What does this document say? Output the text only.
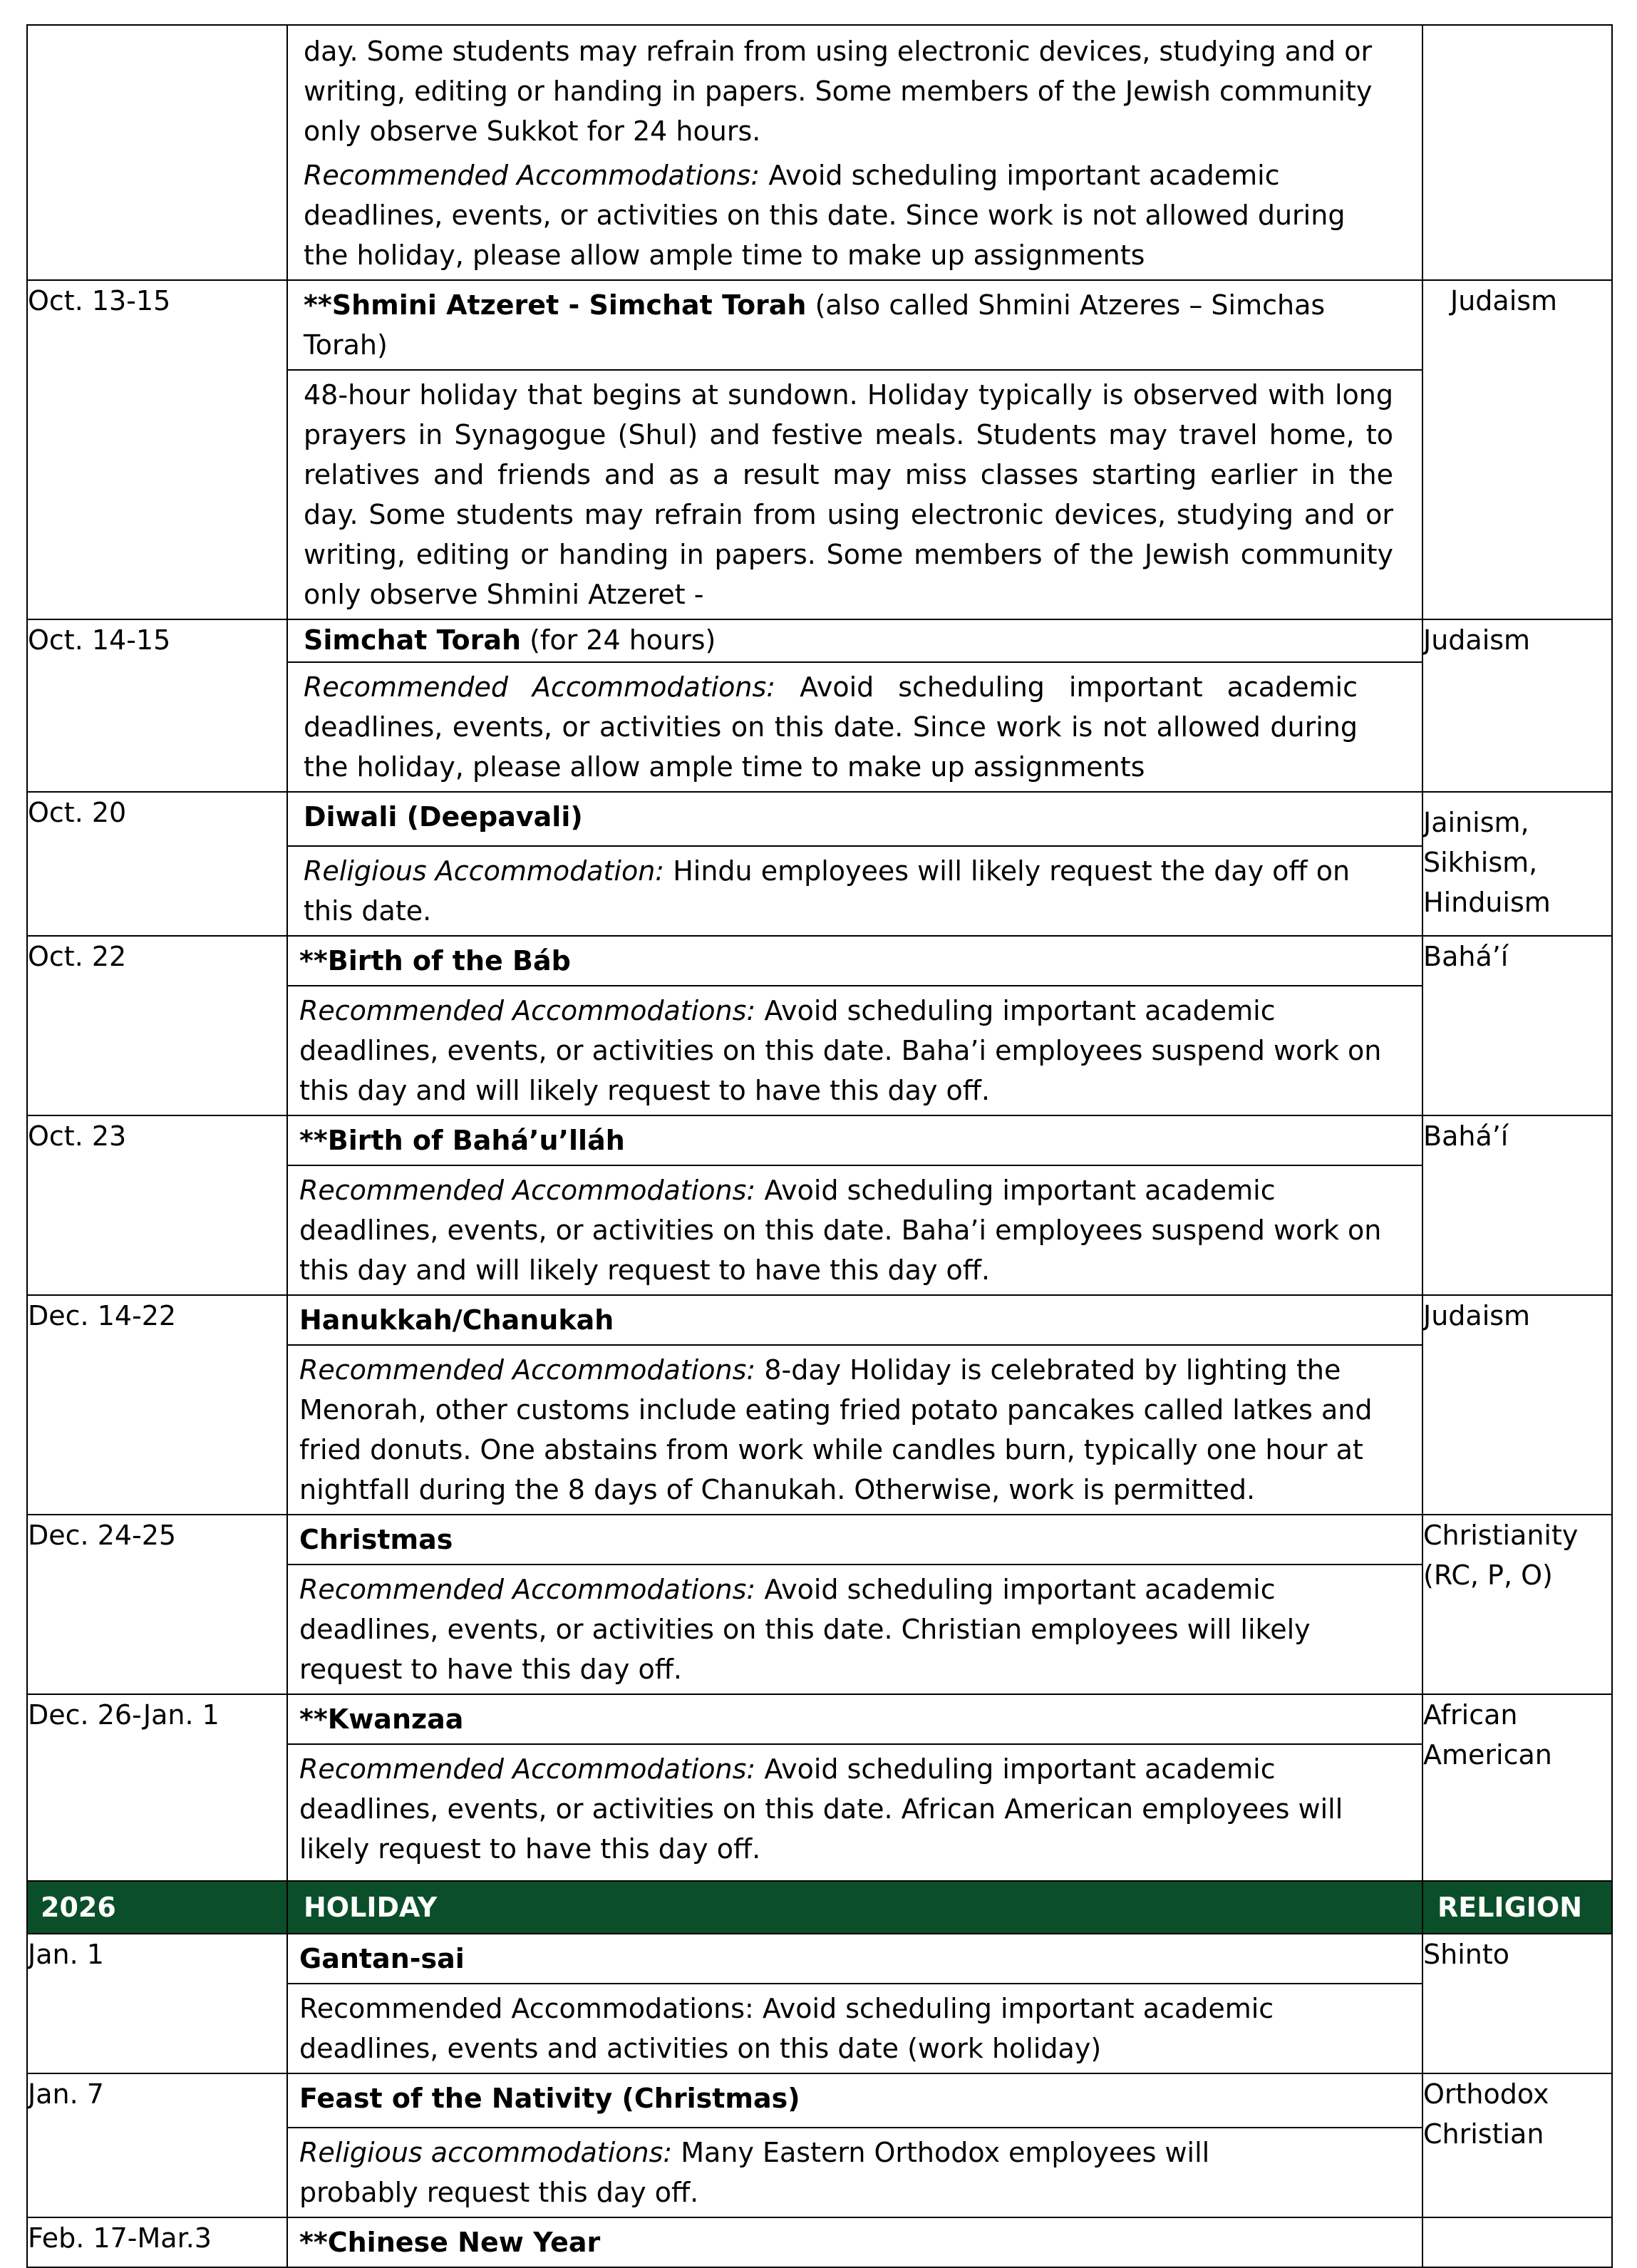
	day. Some students may refrain from using electronic devices, studying and or writing, editing or handing in papers. Some members of the Jewish community only observe Sukkot for 24 hours.

Recommended Accommodations: Avoid scheduling important academic deadlines, events, or activities on this date. Since work is not allowed during the holiday, please allow ample time to make up assignments	

Oct. 13-15	**Shmini Atzeret - Simchat Torah (also called Shmini Atzeres – Simchas Torah)
48-hour holiday that begins at sundown. Holiday typically is observed with long prayers in Synagogue (Shul) and festive meals. Students may travel home, to relatives and friends and as a result may miss classes starting earlier in the day. Some students may refrain from using electronic devices, studying and or writing, editing or handing in papers. Some members of the Jewish community only observe Shmini Atzeret -	Judaism
Oct. 14-15	Simchat Torah (for 24 hours)
Recommended Accommodations: Avoid scheduling important academic deadlines, events, or activities on this date. Since work is not allowed during the holiday, please allow ample time to make up assignments	Judaism
Oct. 20	Diwali (Deepavali)
Religious Accommodation: Hindu employees will likely request the day off on this date.	Jainism, Sikhism, Hinduism
Oct. 22	**Birth of the Báb
Recommended Accommodations: Avoid scheduling important academic deadlines, events, or activities on this date. Baha’i employees suspend work on this day and will likely request to have this day off.	Bahá’í
Oct. 23	**Birth of Bahá’u’lláh
Recommended Accommodations: Avoid scheduling important academic deadlines, events, or activities on this date. Baha’i employees suspend work on this day and will likely request to have this day off.	Bahá’í
Dec. 14-22	Hanukkah/Chanukah
Recommended Accommodations: 8-day Holiday is celebrated by lighting the Menorah, other customs include eating fried potato pancakes called latkes and fried donuts. One abstains from work while candles burn, typically one hour at nightfall during the 8 days of Chanukah. Otherwise, work is permitted.	Judaism
Dec. 24-25	Christmas
Recommended Accommodations: Avoid scheduling important academic deadlines, events, or activities on this date. Christian employees will likely request to have this day off.	Christianity (RC, P, O)
Dec. 26-Jan. 1	**Kwanzaa
Recommended Accommodations: Avoid scheduling important academic deadlines, events, or activities on this date. African American employees will likely request to have this day off.	African American
2026	HOLIDAY	RELIGION
Jan. 1	Gantan-sai
Recommended Accommodations: Avoid scheduling important academic deadlines, events and activities on this date (work holiday)	Shinto
Jan. 7	Feast of the Nativity (Christmas)
Religious accommodations: Many Eastern Orthodox employees will probably request this day off.	Orthodox Christian
Feb. 17-Mar.3	**Chinese New Year	
